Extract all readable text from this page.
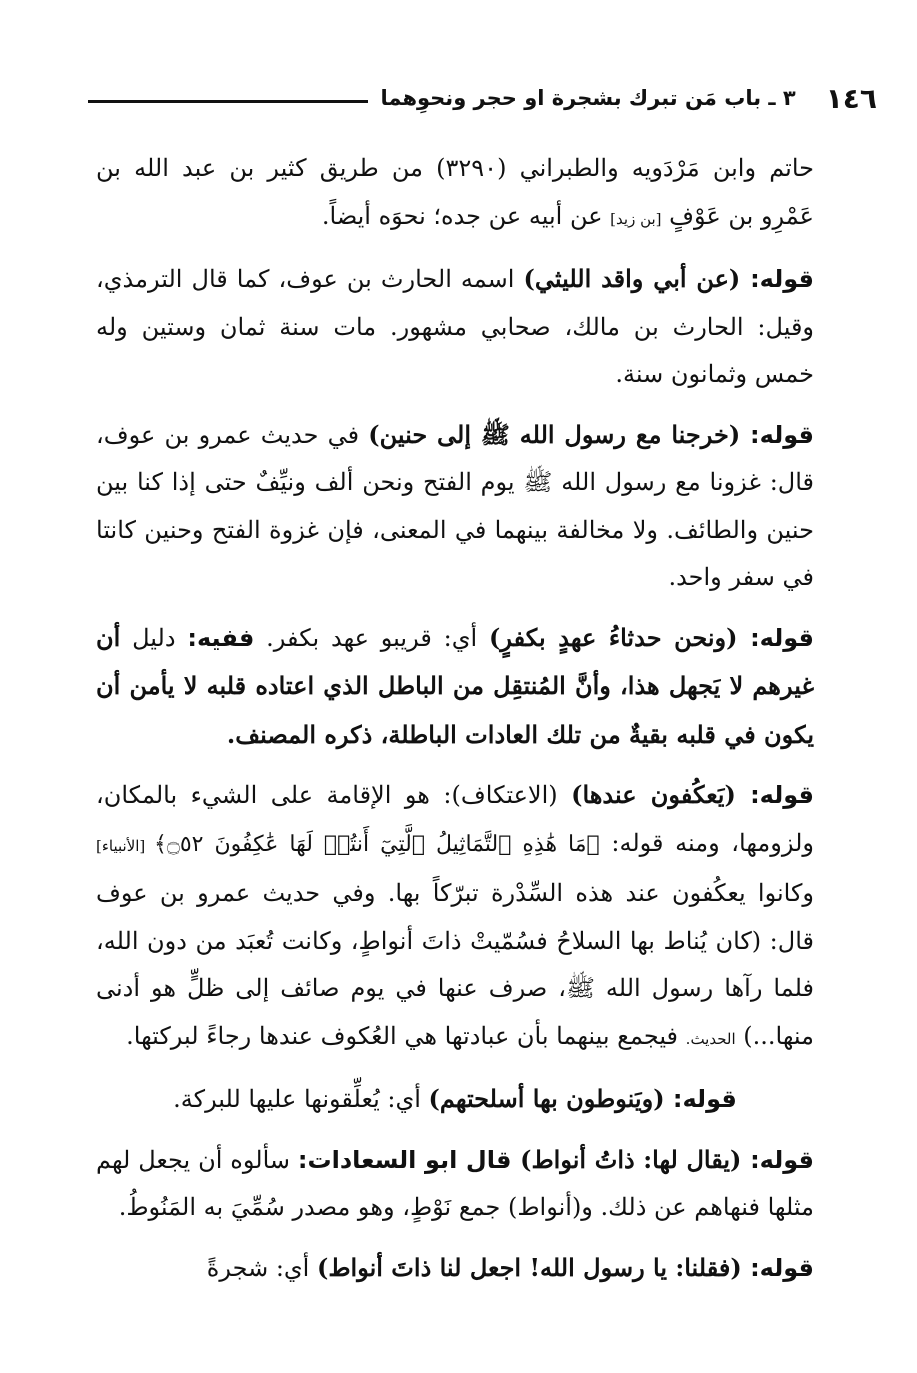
١٤٦
٣ ـ باب مَن تبرك بشجرة او حجر ونحوِهما

حاتم وابن مَرْدَويه والطبراني (٣٢٩٠) من طريق كثير بن عبد الله بن عَمْرِو بن عَوْفٍ [بن زيد] عن أبيه عن جده؛ نحوَه أيضاً.

قوله: (عن أبي واقد الليثي) اسمه الحارث بن عوف، كما قال الترمذي، وقيل: الحارث بن مالك، صحابي مشهور. مات سنة ثمان وستين وله خمس وثمانون سنة.

قوله: (خرجنا مع رسول الله ﷺ إلى حنين) في حديث عمرو بن عوف، قال: غزونا مع رسول الله ﷺ يوم الفتح ونحن ألف ونيِّفٌ حتى إذا كنا بين حنين والطائف. ولا مخالفة بينهما في المعنى، فإن غزوة الفتح وحنين كانتا في سفر واحد.

قوله: (ونحن حدثاءُ عهدٍ بكفرٍ) أي: قريبو عهد بكفر. ففيه: دليل أن غيرهم لا يَجهل هذا، وأنَّ المُنتقِل من الباطل الذي اعتاده قلبه لا يأمن أن يكون في قلبه بقيةٌ من تلك العادات الباطلة، ذكره المصنف.

قوله: (يَعكُفون عندها) (الاعتكاف): هو الإقامة على الشيء بالمكان، ولزومها، ومنه قوله: ﴿مَا هَٰذِهِ ٱلتَّمَاثِيلُ ٱلَّتِيٓ أَنتُمۡ لَهَا عَٰكِفُونَ ۝٥٢﴾ [الأنبياء] وكانوا يعكُفون عند هذه السِّدْرة تبرّكاً بها. وفي حديث عمرو بن عوف قال: (كان يُناط بها السلاحُ فسُمّيتْ ذاتَ أنواطٍ، وكانت تُعبَد من دون الله، فلما رآها رسول الله ﷺ، صرف عنها في يوم صائف إلى ظلٍّ هو أدنى منها...) الحديث. فيجمع بينهما بأن عبادتها هي العُكوف عندها رجاءً لبركتها.

قوله: (ويَنوطون بها أسلحتهم) أي: يُعلِّقونها عليها للبركة.

قوله: (يقال لها: ذاتُ أنواط) قال ابو السعادات: سألوه أن يجعل لهم مثلها فنهاهم عن ذلك. و(أنواط) جمع نَوْطٍ، وهو مصدر سُمِّيَ به المَنُوطُ.

قوله: (فقلنا: يا رسول الله! اجعل لنا ذاتَ أنواط) أي: شجرةً
